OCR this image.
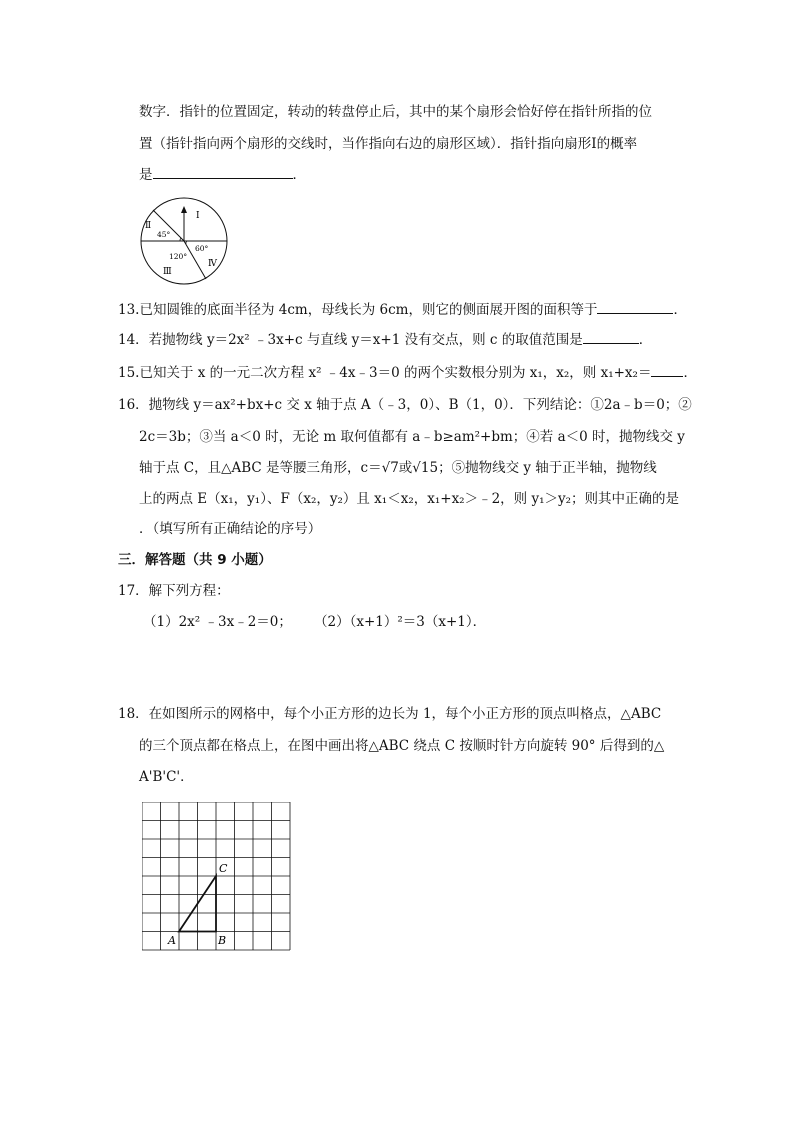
数字．指针的位置固定，转动的转盘停止后，其中的某个扇形会恰好停在指针所指的位
置（指针指向两个扇形的交线时，当作指向右边的扇形区域）．指针指向扇形Ⅰ的概率
是	．
Ⅰ
Ⅱ
Ⅲ
Ⅳ
45°
60°
120°
13.已知圆锥的底面半径为 4cm，母线长为 6cm，则它的侧面展开图的面积等于	．
14．若抛物线 y＝2x² ﹣3x+c 与直线 y＝x+1 没有交点，则 c 的取值范围是	．
15.已知关于 x 的一元二次方程 x² ﹣4x﹣3＝0 的两个实数根分别为 x₁，x₂，则 x₁+x₂＝ ．
16．抛物线 y＝ax²+bx+c 交 x 轴于点 A（﹣3，0）、B（1，0）．下列结论：①2a﹣b＝0；②
2c＝3b；③当 a＜0 时，无论 m 取何值都有 a﹣b≥am²+bm；④若 a＜0 时，抛物线交 y
轴于点 C，且△ABC 是等腰三角形，c＝√7或√15；⑤抛物线交 y 轴于正半轴，抛物线
上的两点 E（x₁，y₁）、F（x₂，y₂）且 x₁＜x₂，x₁+x₂＞﹣2，则 y₁＞y₂；则其中正确的是
．（填写所有正确结论的序号）
三．解答题（共 9 小题）
17．解下列方程：
（1）2x² ﹣3x﹣2＝0； （2）（x+1）²＝3（x+1）．
18．在如图所示的网格中，每个小正方形的边长为 1，每个小正方形的顶点叫格点，△ABC
的三个顶点都在格点上，在图中画出将△ABC 绕点 C 按顺时针方向旋转 90° 后得到的△
A'B'C'．
A	B
C
